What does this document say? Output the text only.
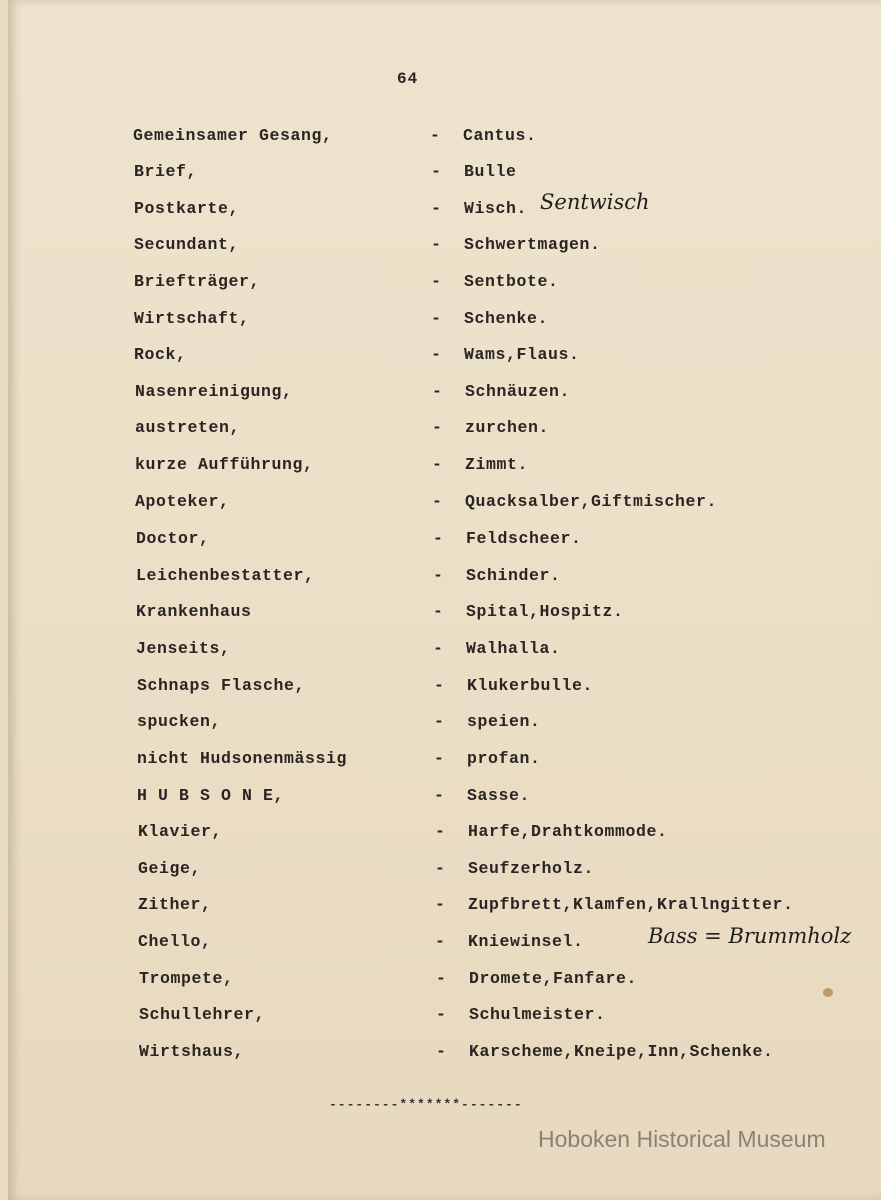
64
Gemeinsamer Gesang,	- Cantus.
Brief,	- Bulle
Postkarte,	- Wisch. Sentwisch
Secundant,	- Schwertmagen.
Briefträger,	- Sentbote.
Wirtschaft,	- Schenke.
Rock,	- Wams,Flaus.
Nasenreinigung,	- Schnäuzen.
austreten,	- zurchen.
kurze Aufführung,	- Zimmt.
Apoteker,	- Quacksalber,Giftmischer.
Doctor,	- Feldscheer.
Leichenbestatter,	- Schinder.
Krankenhaus	- Spital,Hospitz.
Jenseits,	- Walhalla.
Schnaps Flasche,	- Klukerbulle.
spucken,	- speien.
nicht Hudsonenmässig	- profan.
H U B S O N E,	- Sasse.
Klavier,	- Harfe,Drahtkommode.
Geige,	- Seufzerholz.
Zither,	- Zupfbrett,Klamfen,Krallngitter.
Chello,	- Kniewinsel.	Bass = Brummholz
Trompete,	- Dromete,Fanfare.
Schullehrer,	- Schulmeister.
Wirtshaus,	- Karscheme,Kneipe,Inn,Schenke.
--------*******-------
Hoboken Historical Museum
